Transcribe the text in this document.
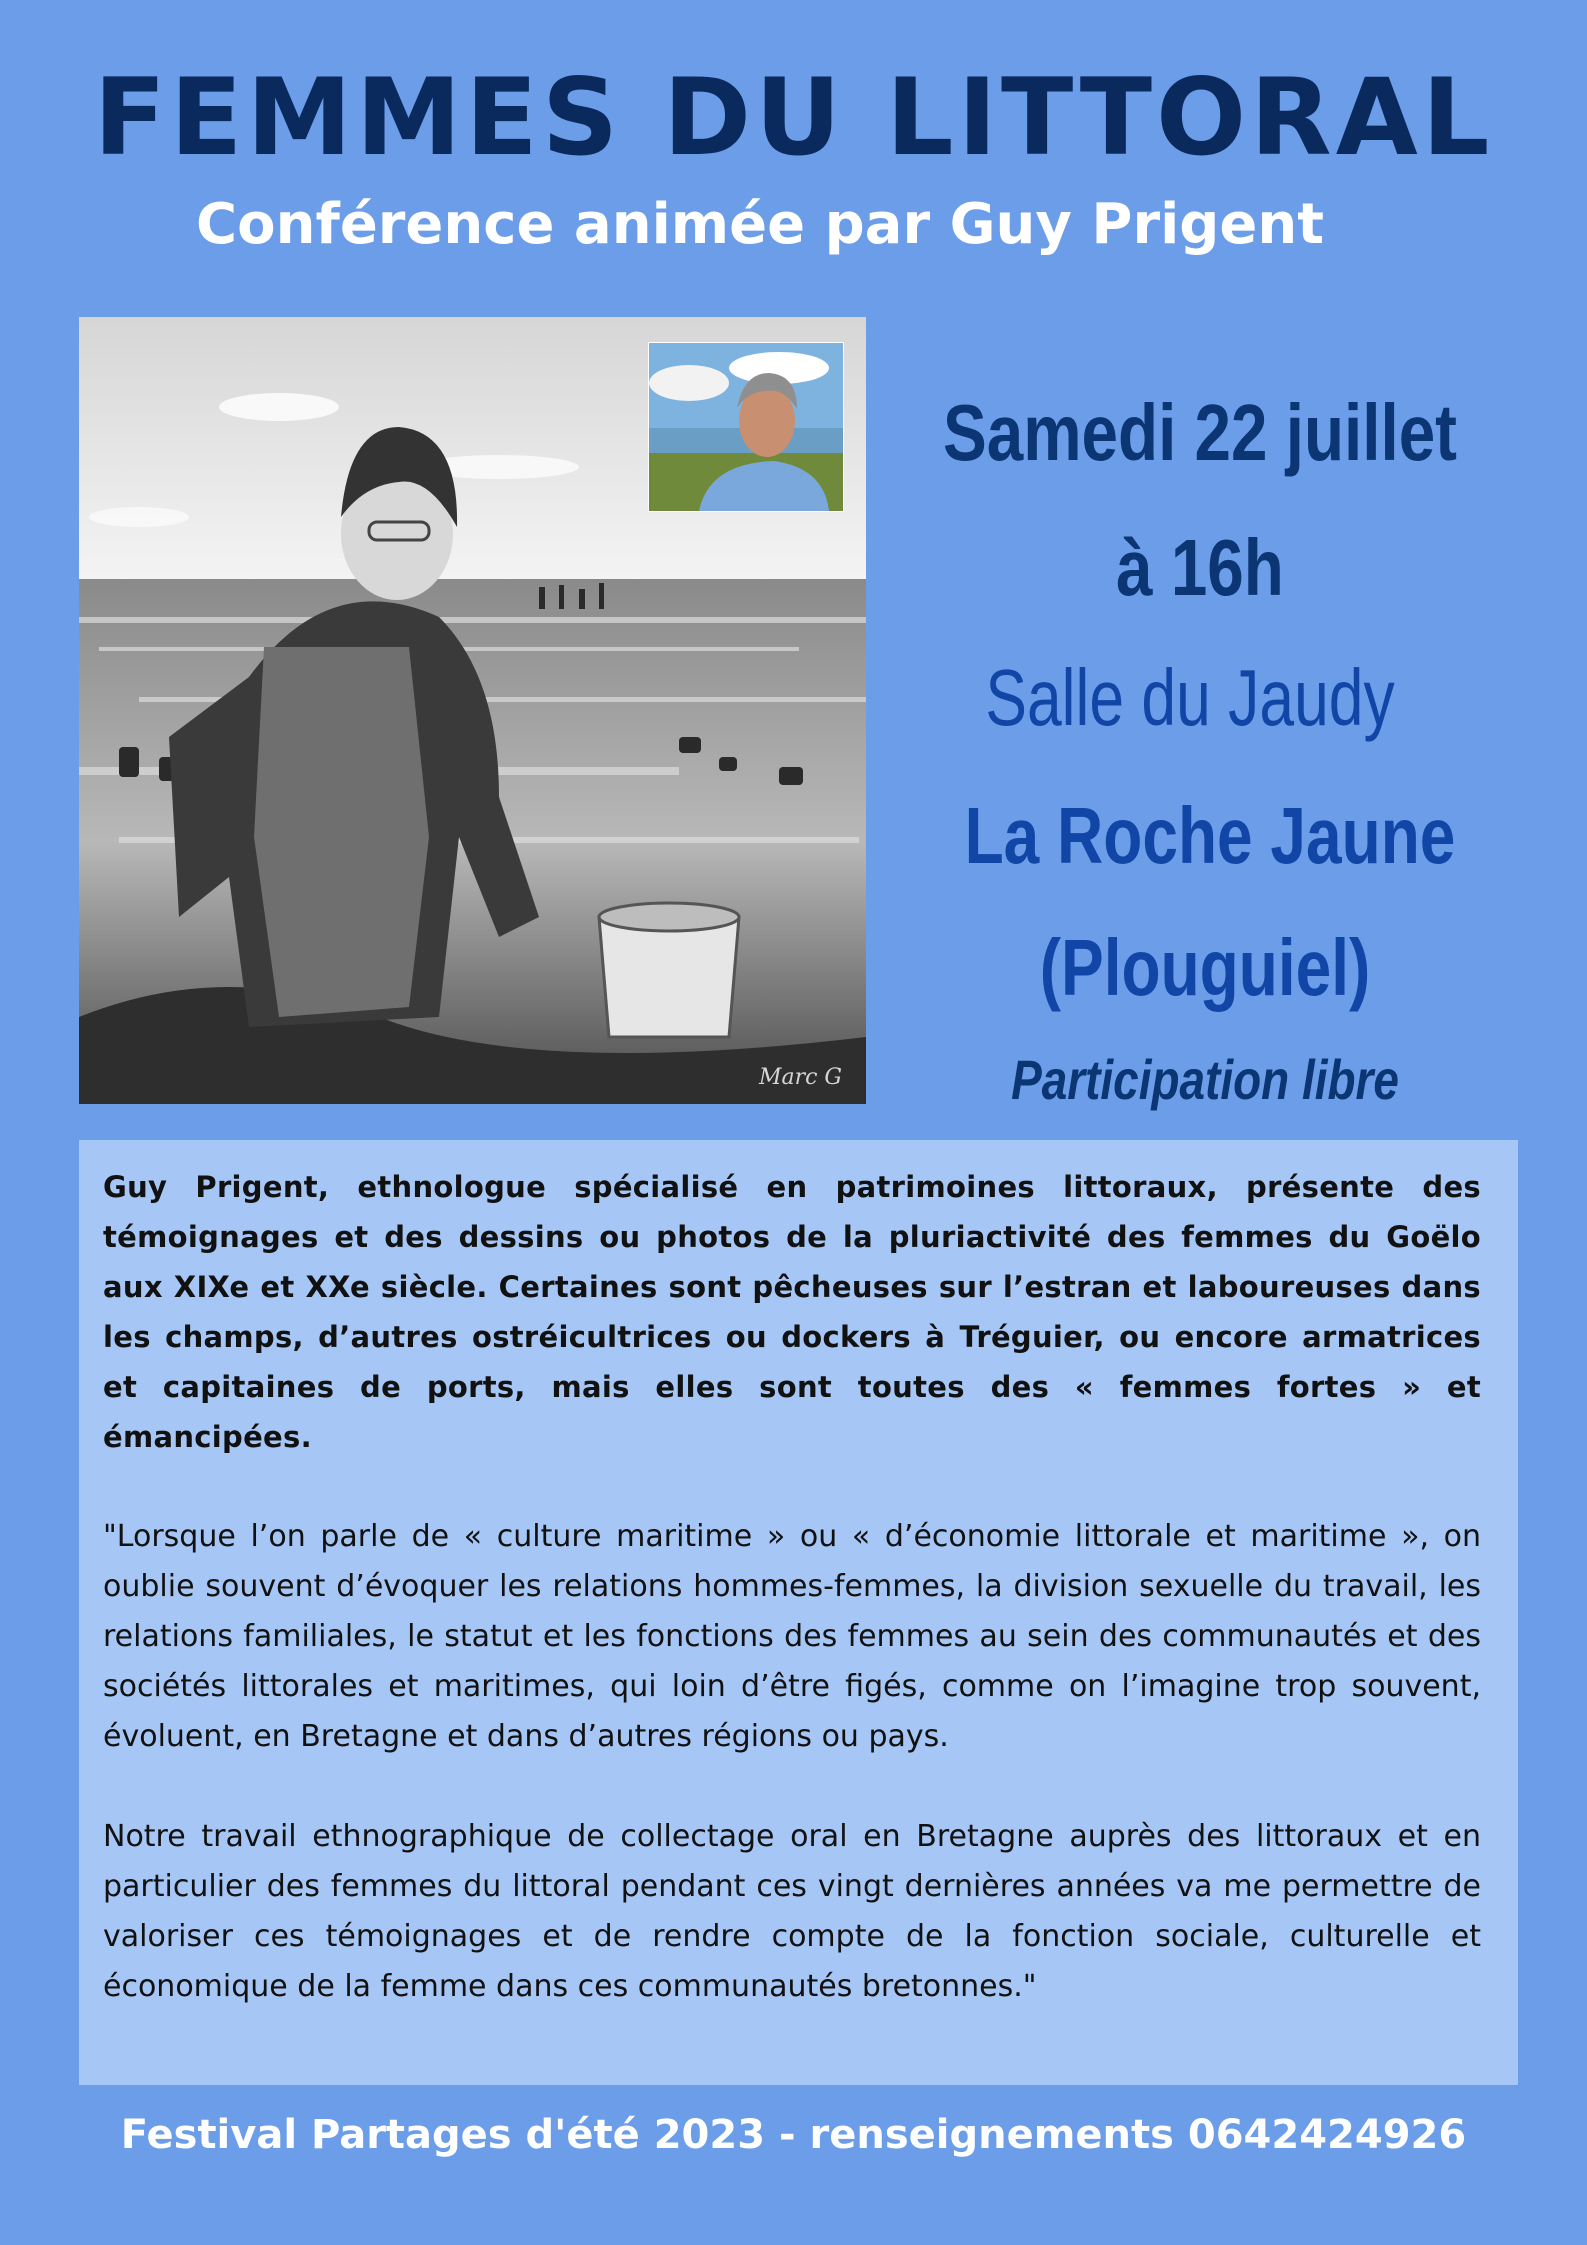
FEMMES DU LITTORAL
Conférence animée par Guy Prigent
Marc G
Samedi 22 juillet
à 16h
Salle du Jaudy
La Roche Jaune
(Plouguiel)
Participation libre
Guy Prigent, ethnologue spécialisé en patrimoines littoraux, présente des témoignages et des dessins ou photos de la pluriactivité des femmes du Goëlo aux XIXe et XXe siècle. Certaines sont pêcheuses sur l’estran et laboureuses dans les champs, d’autres ostréicultrices ou dockers à Tréguier, ou encore armatrices et capitaines de ports, mais elles sont toutes des « femmes fortes » et émancipées.
"Lorsque l’on parle de « culture maritime » ou « d’économie littorale et maritime », on oublie souvent d’évoquer les relations hommes-femmes, la division sexuelle du travail, les relations familiales, le statut et les fonctions des femmes au sein des communautés et des sociétés littorales et maritimes, qui loin d’être figés, comme on l’imagine trop souvent, évoluent, en Bretagne et dans d’autres régions ou pays.
Notre travail ethnographique de collectage oral en Bretagne auprès des littoraux et en particulier des femmes du littoral pendant ces vingt dernières années va me permettre de valoriser ces témoignages et de rendre compte de la fonction sociale, culturelle et économique de la femme dans ces communautés bretonnes."
Festival Partages d'été 2023 - renseignements 0642424926
